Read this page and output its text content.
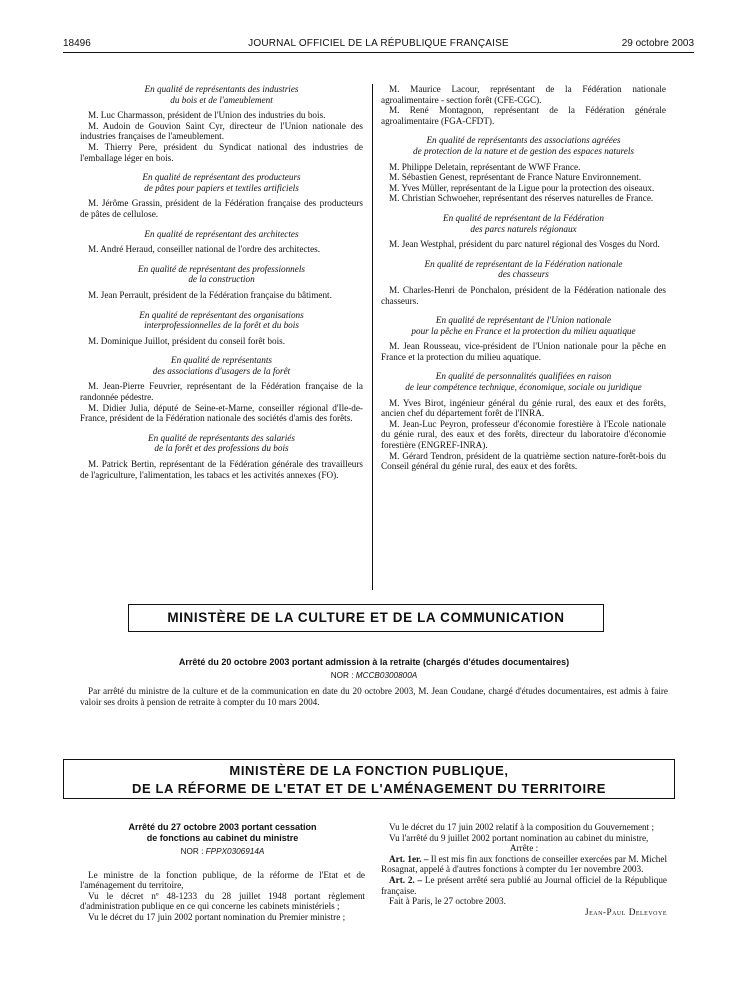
18496	JOURNAL OFFICIEL DE LA RÉPUBLIQUE FRANÇAISE	29 octobre 2003
En qualité de représentants des industries
du bois et de l'ameublement

M. Luc Charmasson, président de l'Union des industries du bois.

M. Audoin de Gouvion Saint Cyr, directeur de l'Union nationale des industries françaises de l'ameublement.

M. Thierry Pere, président du Syndicat national des industries de l'emballage léger en bois.

En qualité de représentant des producteurs
de pâtes pour papiers et textiles artificiels

M. Jérôme Grassin, président de la Fédération française des producteurs de pâtes de cellulose.

En qualité de représentant des architectes

M. André Heraud, conseiller national de l'ordre des architectes.

En qualité de représentant des professionnels
de la construction

M. Jean Perrault, président de la Fédération française du bâtiment.

En qualité de représentant des organisations
interprofessionnelles de la forêt et du bois

M. Dominique Juillot, président du conseil forêt bois.

En qualité de représentants
des associations d'usagers de la forêt

M. Jean-Pierre Feuvrier, représentant de la Fédération française de la randonnée pédestre.

M. Didier Julia, député de Seine-et-Marne, conseiller régional d'Ile-de-France, président de la Fédération nationale des sociétés d'amis des forêts.

En qualité de représentants des salariés
de la forêt et des professions du bois

M. Patrick Bertin, représentant de la Fédération générale des travailleurs de l'agriculture, l'alimentation, les tabacs et les activités annexes (FO).

M. Maurice Lacour, représentant de la Fédération nationale agroalimentaire - section forêt (CFE-CGC).

M. René Montagnon, représentant de la Fédération générale agroalimentaire (FGA-CFDT).

En qualité de représentants des associations agréées
de protection de la nature et de gestion des espaces naturels

M. Philippe Deletain, représentant de WWF France.

M. Sébastien Genest, représentant de France Nature Environnement.

M. Yves Müller, représentant de la Ligue pour la protection des oiseaux.

M. Christian Schwoeher, représentant des réserves naturelles de France.

En qualité de représentant de la Fédération
des parcs naturels régionaux

M. Jean Westphal, président du parc naturel régional des Vosges du Nord.

En qualité de représentant de la Fédération nationale
des chasseurs

M. Charles-Henri de Ponchalon, président de la Fédération nationale des chasseurs.

En qualité de représentant de l'Union nationale
pour la pêche en France et la protection du milieu aquatique

M. Jean Rousseau, vice-président de l'Union nationale pour la pêche en France et la protection du milieu aquatique.

En qualité de personnalités qualifiées en raison
de leur compétence technique, économique, sociale ou juridique

M. Yves Birot, ingénieur général du génie rural, des eaux et des forêts, ancien chef du département forêt de l'INRA.

M. Jean-Luc Peyron, professeur d'économie forestière à l'Ecole nationale du génie rural, des eaux et des forêts, directeur du laboratoire d'économie forestière (ENGREF-INRA).

M. Gérard Tendron, président de la quatrième section nature-forêt-bois du Conseil général du génie rural, des eaux et des forêts.

MINISTÈRE DE LA CULTURE ET DE LA COMMUNICATION
Arrêté du 20 octobre 2003 portant admission à la retraite (chargés d'études documentaires)
NOR : MCCB0300800A
Par arrêté du ministre de la culture et de la communication en date du 20 octobre 2003, M. Jean Coudane, chargé d'études documentaires, est admis à faire valoir ses droits à pension de retraite à compter du 10 mars 2004.
MINISTÈRE DE LA FONCTION PUBLIQUE,
DE LA RÉFORME DE L'ETAT ET DE L'AMÉNAGEMENT DU TERRITOIRE
Arrêté du 27 octobre 2003 portant cessation
de fonctions au cabinet du ministre
NOR : FPPX0306914A

Le ministre de la fonction publique, de la réforme de l'Etat et de l'aménagement du territoire,

Vu le décret nº 48-1233 du 28 juillet 1948 portant règlement d'administration publique en ce qui concerne les cabinets ministériels ;

Vu le décret du 17 juin 2002 portant nomination du Premier ministre ;

Vu le décret du 17 juin 2002 relatif à la composition du Gouvernement ;

Vu l'arrêté du 9 juillet 2002 portant nomination au cabinet du ministre,

Arrête :

Art. 1er. – Il est mis fin aux fonctions de conseiller exercées par M. Michel Rosagnat, appelé à d'autres fonctions à compter du 1er novembre 2003.

Art. 2. – Le présent arrêté sera publié au Journal officiel de la République française.

Fait à Paris, le 27 octobre 2003.

Jean-Paul Delevoye
